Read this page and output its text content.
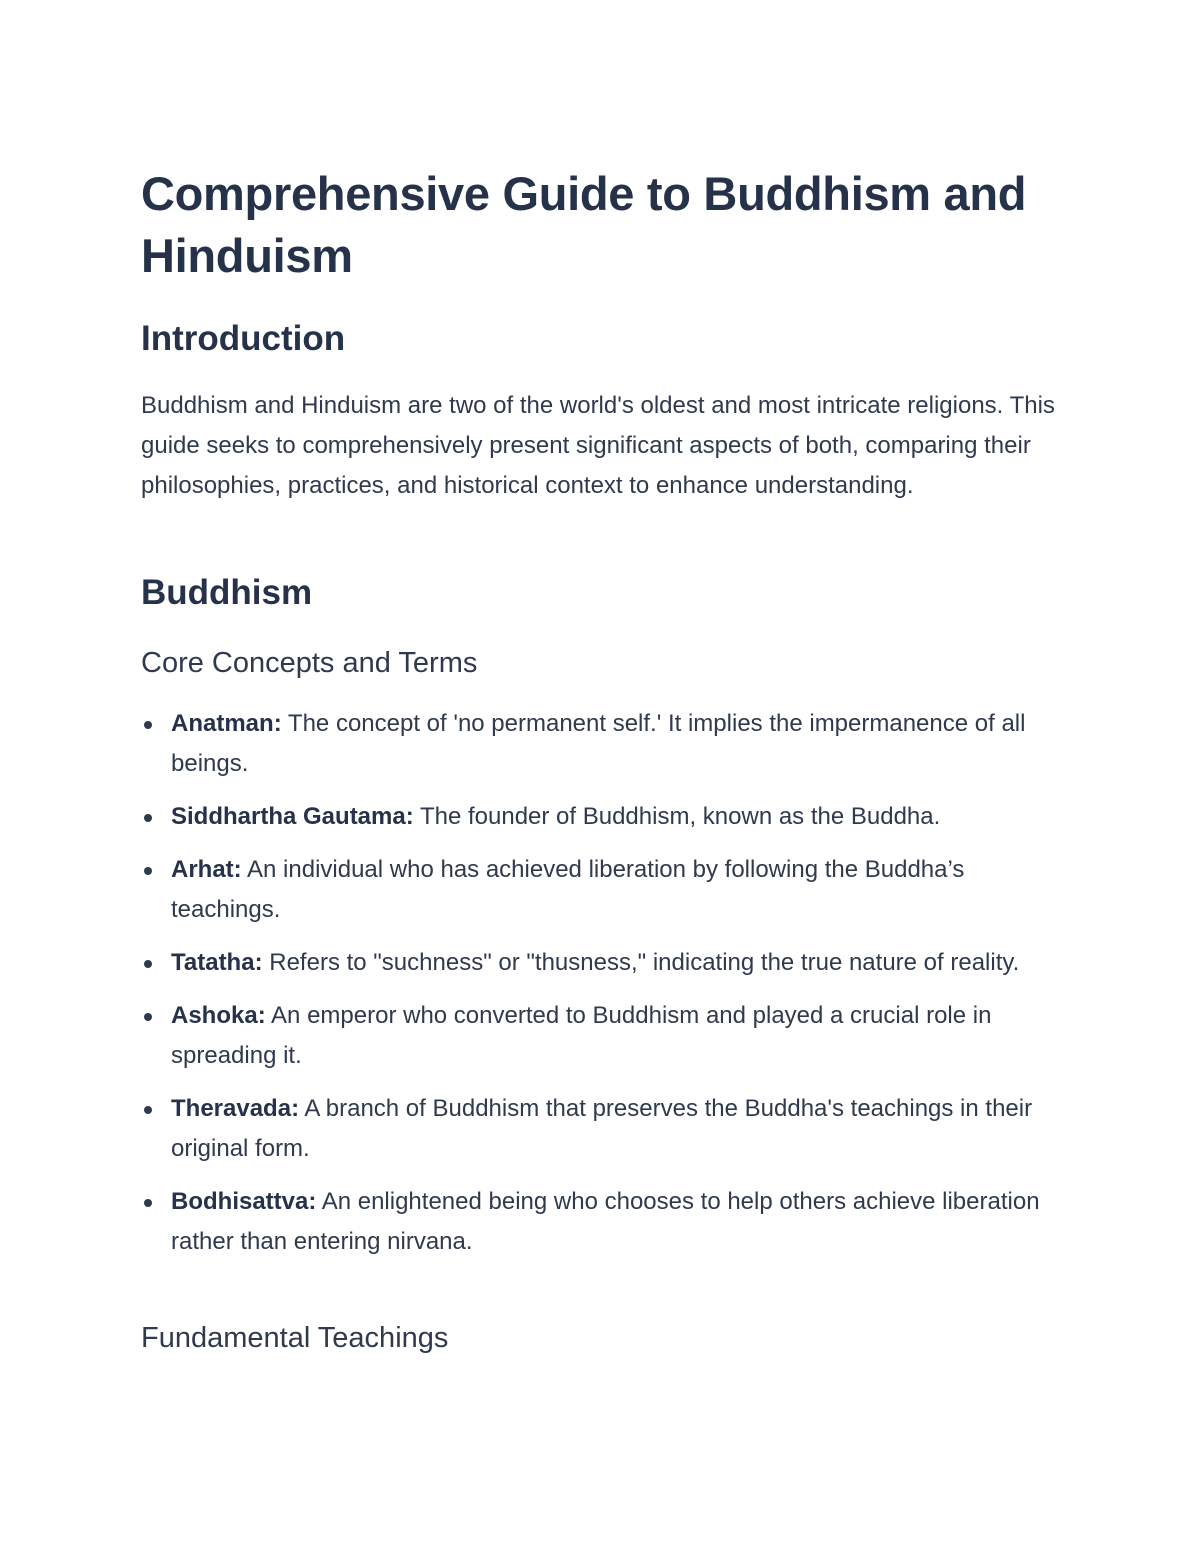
Comprehensive Guide to Buddhism and Hinduism
Introduction

Buddhism and Hinduism are two of the world's oldest and most intricate religions. This guide seeks to comprehensively present significant aspects of both, comparing their philosophies, practices, and historical context to enhance understanding.

Buddhism
Core Concepts and Terms
Anatman: The concept of 'no permanent self.' It implies the impermanence of all beings.
Siddhartha Gautama: The founder of Buddhism, known as the Buddha.
Arhat: An individual who has achieved liberation by following the Buddha’s teachings.
Tatatha: Refers to "suchness" or "thusness," indicating the true nature of reality.
Ashoka: An emperor who converted to Buddhism and played a crucial role in spreading it.
Theravada: A branch of Buddhism that preserves the Buddha's teachings in their original form.
Bodhisattva: An enlightened being who chooses to help others achieve liberation rather than entering nirvana.
Fundamental Teachings
